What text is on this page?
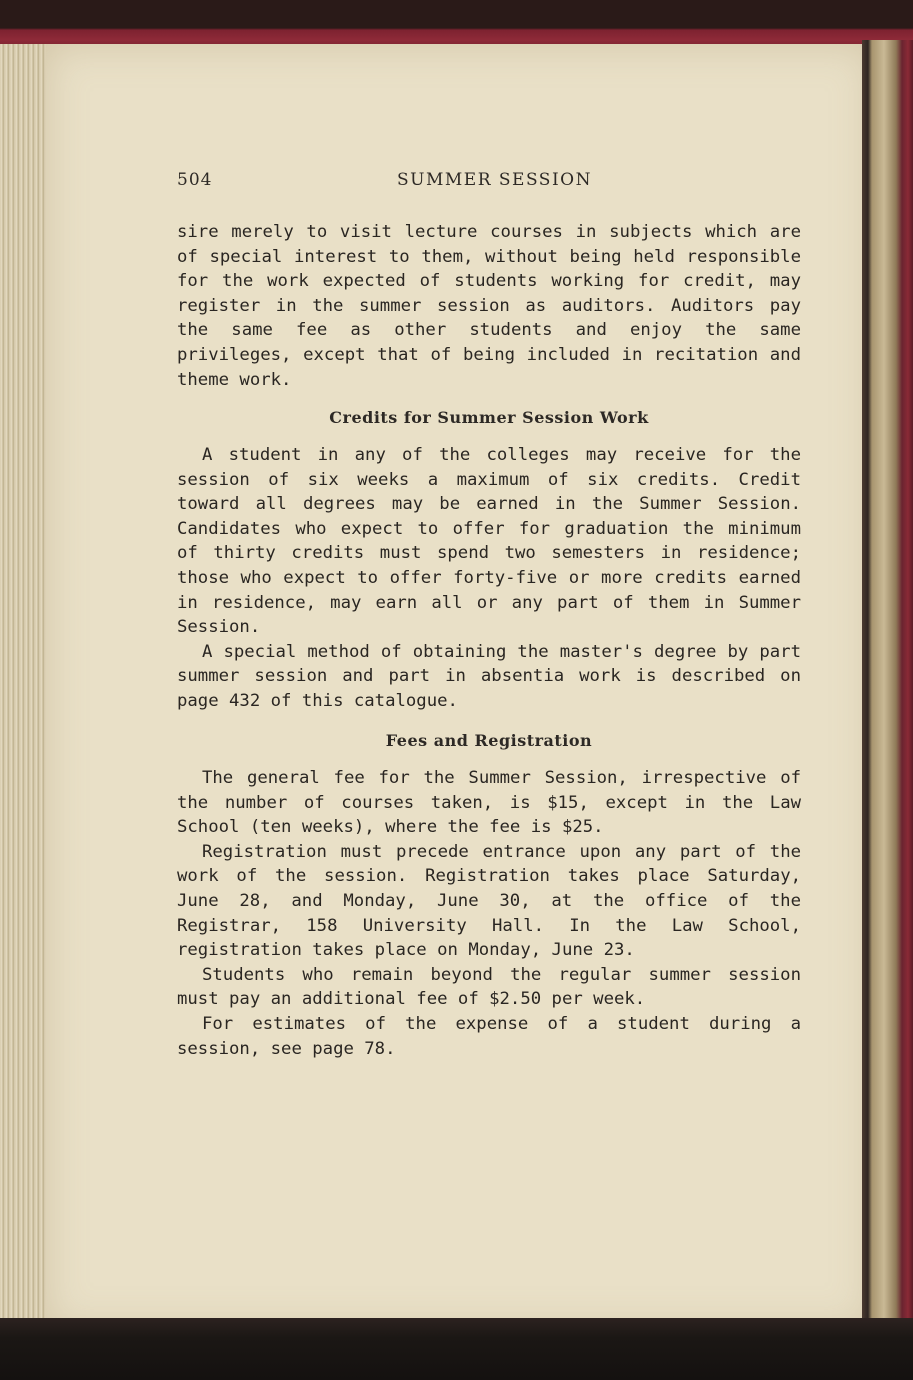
504	SUMMER SESSION

sire merely to visit lecture courses in subjects which are of special interest to them, without being held responsible for the work expected of students working for credit, may register in the summer session as auditors. Auditors pay the same fee as other students and enjoy the same privileges, except that of being included in recitation and theme work.

Credits for Summer Session Work

A student in any of the colleges may receive for the session of six weeks a maximum of six credits. Credit toward all degrees may be earned in the Summer Session. Candidates who expect to offer for graduation the minimum of thirty credits must spend two semesters in residence; those who expect to offer forty-five or more credits earned in residence, may earn all or any part of them in Summer Session.

A special method of obtaining the master's degree by part summer session and part in absentia work is described on page 432 of this catalogue.

Fees and Registration

The general fee for the Summer Session, irrespective of the number of courses taken, is $15, except in the Law School (ten weeks), where the fee is $25.

Registration must precede entrance upon any part of the work of the session. Registration takes place Saturday, June 28, and Monday, June 30, at the office of the Registrar, 158 University Hall. In the Law School, registration takes place on Monday, June 23.

Students who remain beyond the regular summer session must pay an additional fee of $2.50 per week.

For estimates of the expense of a student during a session, see page 78.
